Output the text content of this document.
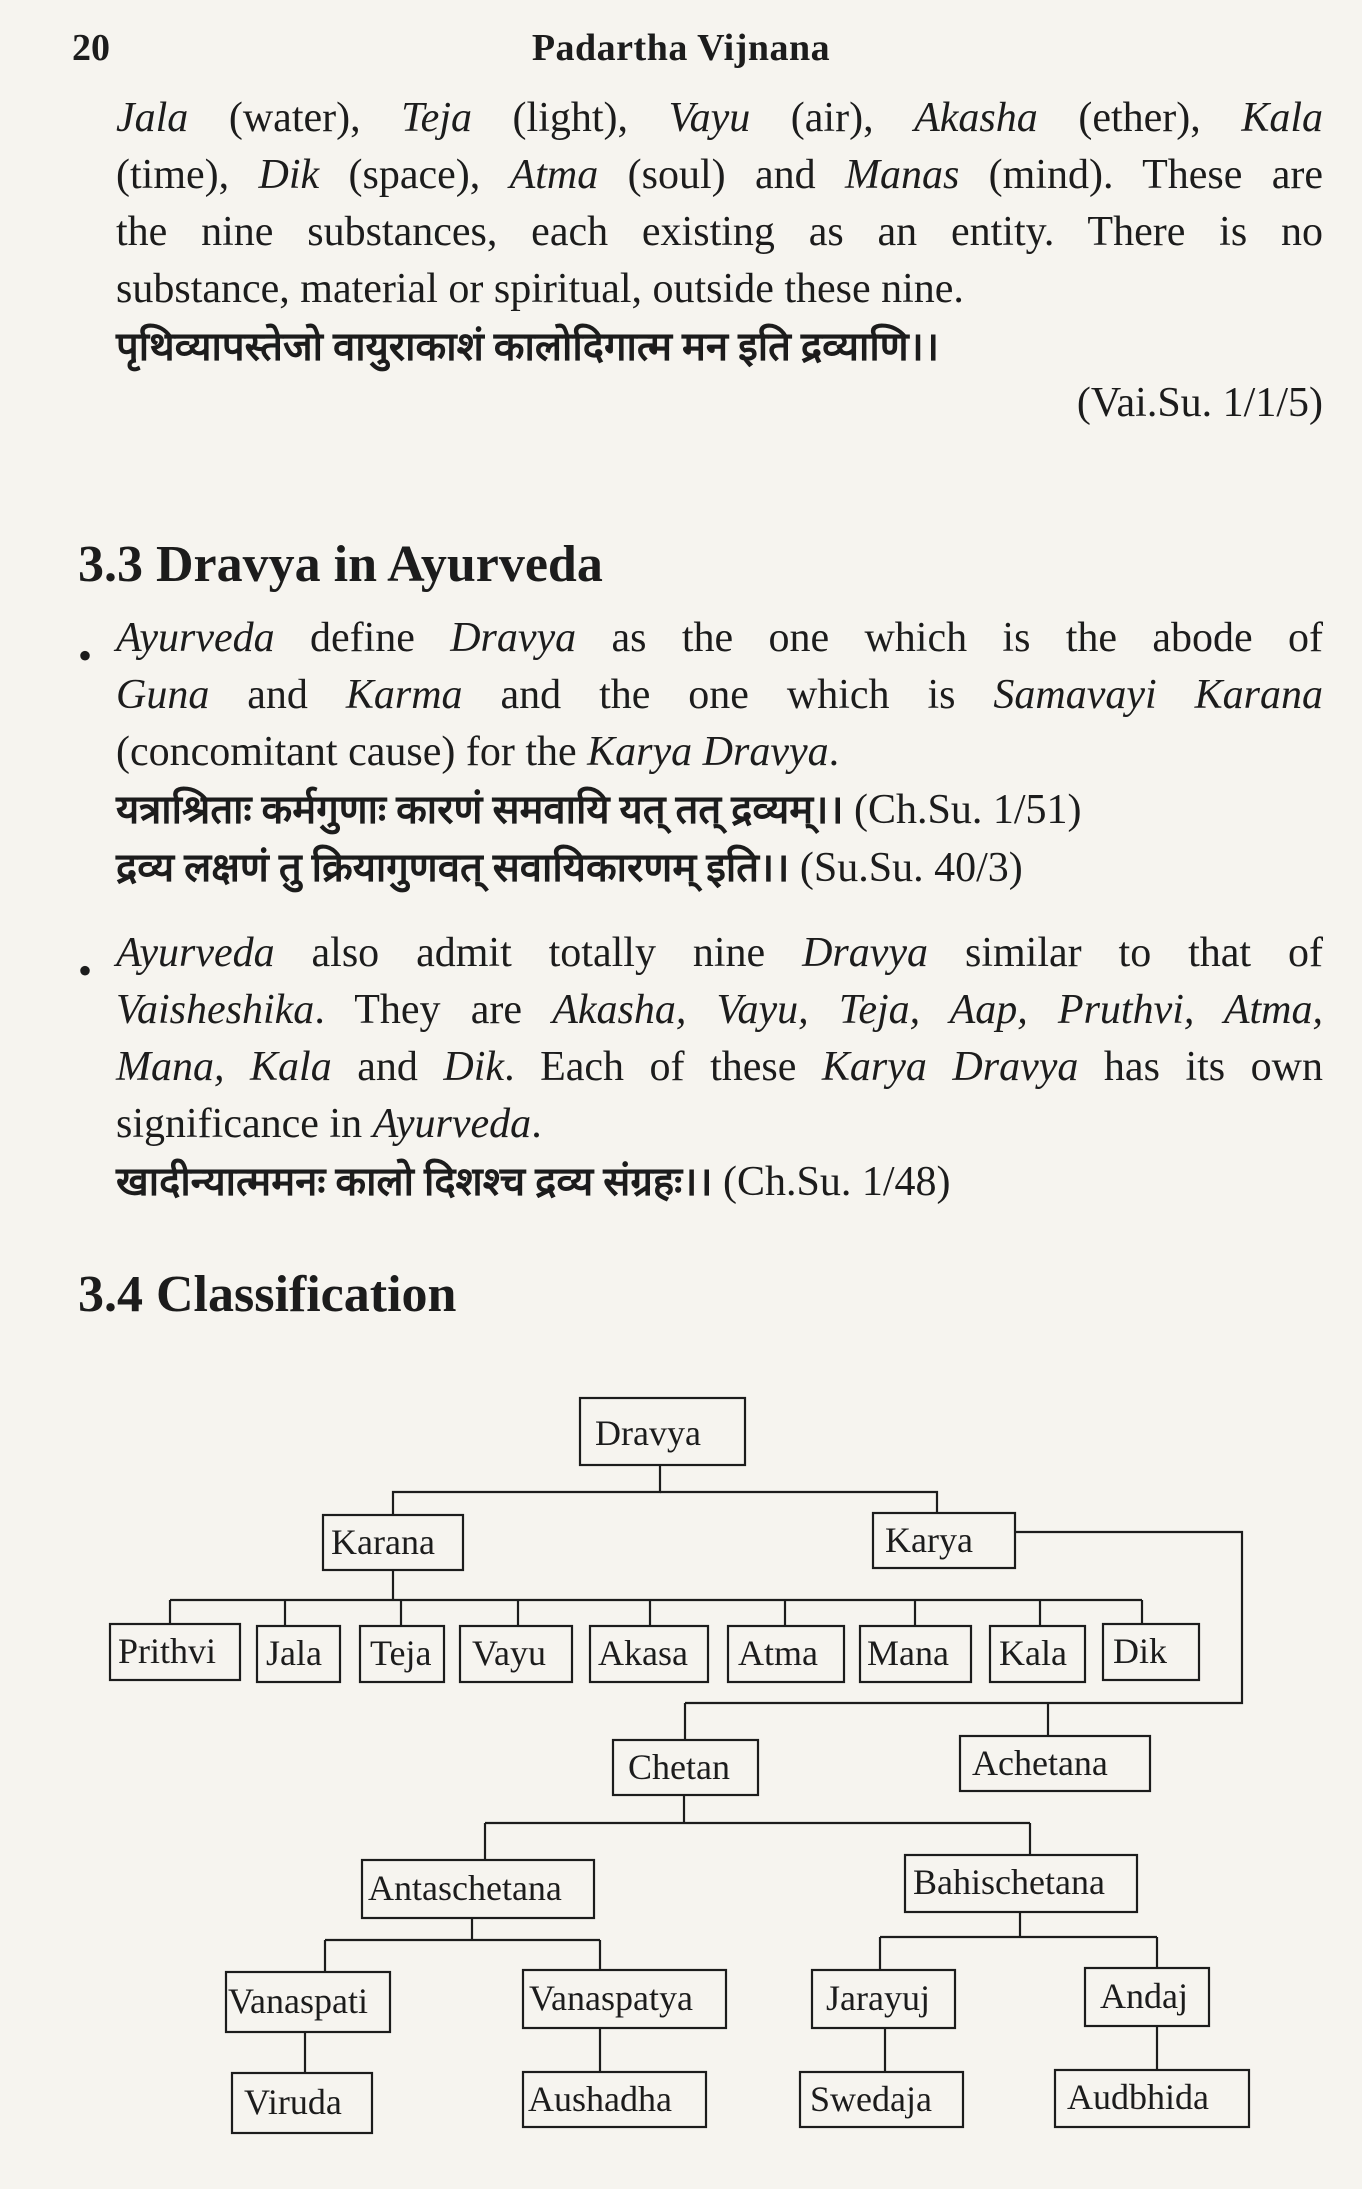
20	Padartha Vijnana
Jala (water), Teja (light), Vayu (air), Akasha (ether), Kala
(time), Dik (space), Atma (soul) and Manas (mind). These are
the nine substances, each existing as an entity. There is no
substance, material or spiritual, outside these nine.
पृथिव्यापस्तेजो वायुराकाशं कालोदिगात्म मन इति द्रव्याणि।।
(Vai.Su. 1/1/5)
3.3 Dravya in Ayurveda
• Ayurveda define Dravya as the one which is the abode of
Guna and Karma and the one which is Samavayi Karana
(concomitant cause) for the Karya Dravya.
यत्राश्रिताः कर्मगुणाः कारणं समवायि यत् तत् द्रव्यम्।। (Ch.Su. 1/51)
द्रव्य लक्षणं तु क्रियागुणवत् सवायिकारणम् इति।। (Su.Su. 40/3)
• Ayurveda also admit totally nine Dravya similar to that of
Vaisheshika. They are Akasha, Vayu, Teja, Aap, Pruthvi, Atma,
Mana, Kala and Dik. Each of these Karya Dravya has its own
significance in Ayurveda.
खादीन्यात्ममनः कालो दिशश्च द्रव्य संग्रहः।। (Ch.Su. 1/48)
3.4 Classification
Dravya
Karana	Karya
Prithvi Jala Teja Vayu Akasa Atma Mana Kala Dik
Chetan	Achetana
Antaschetana	Bahischetana
Vanaspati	Vanaspatya	Jarayuj	Andaj
Viruda	Aushadha	Swedaja	Audbhida
